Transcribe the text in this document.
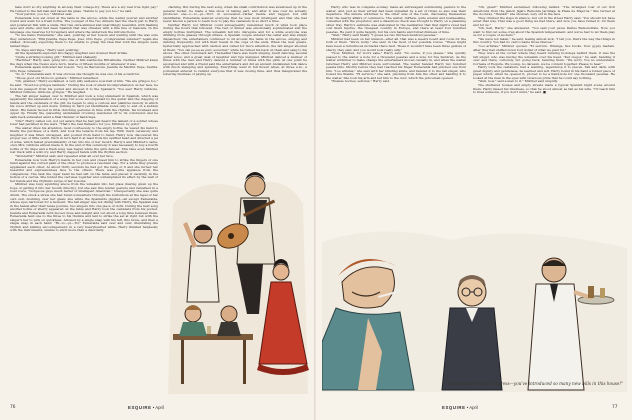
take don't so dry anything in air-way their college-try. There are a ery real true right pay." He turned to the tall man and raised his glass. "Salute to pay you too," he said.

"Your pardon, you too," Mildred said.

Esmeralda now sat down at the table in the alcove, while the waiter poured and another round and went for a fresh bottle. The younger of the two dinners had the check just to Harry and pondered him with a smile. Her rise oliva-skinned and unarchingly beautiful, with flashing eyes and smile, and had been Spanish that was chiseled with a fine line of mascara. In the language one reserves for foreigners and where the underlook the introductions.

"Yo me llamo Esmeralda," she said, pointing at her bosom and waiting until the was sure they understood. "Ellä Juanita. Pepe Pepe. José. Otro Pepe. ¿Comprenden ustedes?" Again she smiled, obviously expecting them to be unable to grasp the idea that both the singers were named Pepe.

"Si, Pepe and Pepe," Harry said, pointing.

All the Spaniards exploded into happy laughter and downed their drinks.

"Quite a striking looking girl," Mildred said shakenly.

"Rectified" Harry said, going into one of him loathsome Britishisms. Neither Mildred knew the days when the Nexus were born, twelve or fifteen months or whenever it was.

Esmeralda again indicated her bosom. "Soy de Barcelona. Juanita de Madrid. Pepe, Sevilla. Otro Pepe, Granada."

"Si, si," Esmeralda said. It was obvious she thought he was one of his eccentrics.

"Those good old Morocco guitars," Mildred remarked.

"Oh, granted," Harry exclaimed. A very silly sentence now half of him. "We are gringos too," he said. "Nosotros gringos también." During the look of silent incomprehension on her face, he took his passport from his pocket and showed it to the Spaniard. "You see? Harry Gibbons. Mildred Gibbons. Gibbons, gringos." He laughed.

The tall singer leaned over to Mildred and took a long statement in Spanish, which was apparently the explanation of a song; but soon, accompanied by the guitar and the clapping of hands and the castanets of the girl, he began to sing a curious and plaintive melody in which his voice drifted up and down, turning in hard yet identifiable notes only to end on a sudden shout. His hands moved in little clutching gestures in time with the rhythm, his forehead and upper lip. Finally the quavering Andalusian crooning wandered off to its conclusion and he sank back exhausted amid a final thunder of handclaps.

"Olé!" Harry called out, not yet aware that he had just heard the lament of a soldier whose lover had perished in the wars. "That's the real flamenco for you, Mildred, by golly!"

The waiter drew his attention, most courteously, to the empty bottle; he waved his hand to finally the purchase of a third, and took the tenacle from his lap. With much ceremony and laughter it was filled, uncapped, and poured from hand to hand. Harry now discovered the proper use of little ventri. Each in turn held it at least from his uplifted head and directed a jet of wine, which tasted predominantly of tar, into his or her mouth. Harry's and Mildred's came, once Mrs. Gibbons almost made it. In the end of this ceremony it was necessary to buy a fourth bottle of Tío Pepe and a fresh song was begun while the girls danced. This time even Mildred lost track with a wild cry, and Harry clapped hands with the rhythm section.

"Wonderful!" Mildred said, and repeated what all over her face.

Esmeralda now took Harry's hands in her own and closed him to strike the fingers of one hand against the curved palm of the other to produce a resonant clap. For a while they gravely applauded each other. At about thirty seconds he had got the hang of it and she turned her beautiful and expressionless face to the others. There was polite applause from the companions. The task the cigar band he had left on the table and placed it carefully in the hollow of a cactus. She folded the cactuses together and contemplated its effect by the wall of her hands and the rhythmic surge of her bosoms.

Mildred was busy squinting above from the wineskin into her glass (having given up the hope of getting it into her mouth directly), but she saw this tender gesture and remarked in a loud voice, "Gorgeous guys much better of intelligent American." Unexpectedly she was quite drunk. The stuck a straw she had found somewhere through the buttonhole at the lapel of her own suit, doubling over her glass; she while the Spaniards giggled—all except Esmeralda, whose eyes narrowed for a moment. The tall singer was not dining with Harry, the Spanish was in the hands after their tense posture, two singers into one piece of cloth. During the next song another bottle of sherry appeared on the table and Harry took the castanets from his pocket. Juanita and Esmeralda both moved close and delight and out about a long time between them. Esmeralda held one to the three to his thumbs and laid to strike the set at right but with the singer's her to pick on quickness. Allowed by a single snap with his left, this twice, and then a single snap in each hand: "Ri—ro—pi—TO," Esmeralda said over and over, illustrating the rhythm and smiling encouragement; in a very heavyhearted while. Harry finished helplessly with the instruments, unable to elicit more than a disorderly

clacking. But during the next song, when his small contribution was swallowed up in the general racket, he made a fine show of taking part, and after it was over he actually produced one—t—ro—pi—TO!!, in succession—rather feeble and ragged, but still identifiable. Esmeralda assured everyone that he was most intelligent and that she had never known a person to learn how to play the castanets in so short a time.

Neither Harry nor Mildred could subsequently remember much of what took place during the hours that followed. The rest of dinner was emotionally sophisticated and the empty bottles multiplied. The wineskin fell into disrepute and for a while everyone was drinking from glasses through straws. A Spanish couple entered the cellar and was simply dispatched; the entertainers continued to sit around the table in the alcove, singing and dancing frequently, but with their heads in the cups of the ends. When the new guests, hysterically approached with caution and called for more attention, the tall singer shouted at them: "You can pe-ee-se puro escuchar," while he turned his back on them and sang to his above. The other customers left. Thereafter there was much singing, much dancing, several guitar solos, and a great deal of laughter and rigs mangled. Mildred danced a number of times with the men and Harry danced a number of times with the girls; at one point he apologized and with a friend said the entertainers and did an ancient Andalusian folk dance with much stamping and spinning. Everything went in full flower when, at three a.m., a policeman entered to remind everyone that it was closing time, and thus inaugurated the sobering business of paying up.

76	ESQUIRE • April

Harry, who was in complete ecstasy, made an extravagant summoning gesture to the waiter. And, just as their arrival had been signalled by a set of ritual, so also was their departure. The minute withdraw to the other side of the room, discussing themselves from the nearby affairs of commerce. The waiter, InPhew, quite solemn and businesslike, consulted with the proprietor, and a disastrous check was brought to Harry on a gleaming silver tray. Harry's estimate was elaborated in the realization that that night's revel had cost them figures, the cheapest country in Europe, and there at least four hundred pesetas. He paid it quite happily, but his own hands and fonted dimness of time.

"Well," Harry said finally. "I guess we two thirteen hundred pesetas."

Mildred had been on her mission—after all, that was a week's board and room for the both of them. "We're lucky," she said, in the most of her possible voices. "These might have been a tumultuous incidents there best. These it wouldn't have been three gallons of sherry, they said, and you would look really silly."

"Now, Mildred, for God's sake," Harry said. "No scene, if you please." She quickly passed to the waiter a note for a thousand pesetas and a note for five hundred. As the waiter withdrew to make change the entertainers moved casually in, and when the waiter returned Harry and Mildred were surrounded. The waiter handed Harry two hundred peseta bills. Shortly before they had reached his finger Esmeralda had plucked one from him. "Los artistas," she said with her blinding smile, and handed it to the tall singer, who bowed his thanks. "El servicio," she said, plucking from him the other and handing it to the waiter. She took his arm and led him to the door, which the policeman opened.

"Buenas noches, señores," Harry said.

"Oh, great!" Mildred exclaimed, following behind. "The strangled roar of our rich Americans from the jamón Jájaro Remonta Jardinajo la Plaza de Majorca." She turned at the doorway. "Thanks!" she shouted, very old in the face.

They climbed the steps in silence, but out in the street Harry said, "You should not have acted that way. That was a good thing we had there, and now you have ruined it, for them and for us."

"Oh, hell, Harry," she answered. "You said your pious Darius Remonstrate. Now you want to find out some crap about the Spanish temperament, and we've had to let them play us for a couple of suckers."

"We were not taken," he said, feeling almost sick. "I tell you, that's the way the things in this country. You had no call to name those thieves."

"Los artistas," Mildred quoted. "El servicio. Whangs, five bucks. Your gypsy madam. After they had sniffed down four dollar of what we paid for."

They were at the corner where they heard running footsteps behind them. It was the tall singer, who was having the wineskin over his head. "Ker ciegos," he said, handing it over and there, curiously, not going back, handing them. "We sorry. You no understand. Cortesia of Esquire. We young, no daresub, we be content together. Please to hear."

Harry took the castanets, had a wanting, legendstop it to pieces. Tall and dark, with great dignity and gentleness, he learned and left. Harry found in his hand a folded piece of paper which, when he opened it, proved to be a hand-note for one thousand pesetas. He looked at the man in the eyes with vivacious pride that he could say nothing.

"Well, now," said a man to it," Mildred said stupidly.

The shuttered houses and empty streets made a typical Spanish night scene around them. Harry kissed his tiredness, so that he stood almost as tall as his wife. "I'll teach him to fixes someone, if you don't mind," he said. ■

"You should run for Congress—you've introduced so many new bills in this house!"
ESQUIRE • April	77
